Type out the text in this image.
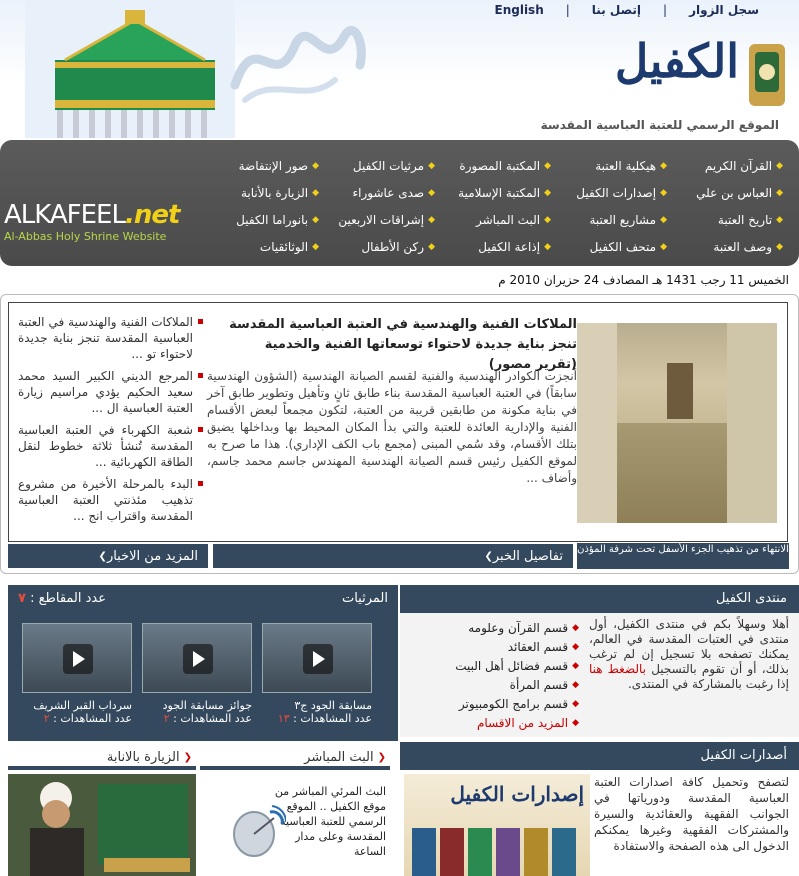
English | إتصل بنا | سجل الزوار
الكفيل
الموقع الرسمي للعتبة العباسية المقدسة
ALKAFEEL.net
Al-Abbas Holy Shrine Website
◆
القرآن الكريم
◆
هيكلية العتبة
◆
المكتبة المصورة
◆
مرثيات الكفيل
◆
صور الإنتفاضة
◆
العباس بن علي
◆
إصدارات الكفيل
◆
المكتبة الإسلامية
◆
صدى عاشوراء
◆
الزيارة بالأنابة
◆
تاريخ العتبة
◆
مشاريع العتبة
◆
البث المباشر
◆
إشراقات الاربعين
◆
بانوراما الكفيل
◆
وصف العتبة
◆
متحف الكفيل
◆
إذاعة الكفيل
◆
ركن الأطفال
◆
الوثائقيات
الخميس 11 رجب 1431 هـ المصادف 24 حزيران 2010 م
الملاكات الفنية والهندسية في العتبة العباسية المقدسة تنجز بناية جديدة لاحتواء توسعاتها الفنية والخدمية (تقرير مصور)
أنجزت الكوادر الهندسية والفنية لقسم الصيانة الهندسية (الشؤون الهندسية سابقاً) في العتبة العباسية المقدسة بناء طابق ثانٍ وتأهيل وتطوير طابق آخر في بناية مكونة من طابقين قريبة من العتبة، لتكون مجمعاً لبعض الأقسام الفنية والإدارية العائدة للعتبة والتي بدأ المكان المحيط بها وبداخلها يضيق بتلك الأقسام، وقد سُمي المبنى (مجمع باب الكف الإداري). هذا ما صرح به لموقع الكفيل رئيس قسم الصيانة الهندسية المهندس جاسم محمد جاسم، وأضاف ...
الملاكات الفنية والهندسية في العتبة العباسية المقدسة تنجز بناية جديدة لاحتواء تو ...
المرجع الديني الكبير السيد محمد سعيد الحكيم يؤدي مراسيم زيارة العتبة العباسية ال ...
شعبة الكهرباء في العتبة العباسية المقدسة تُنشأ ثلاثة خطوط لنقل الطاقة الكهربائية ...
البدء بالمرحلة الأخيرة من مشروع تذهيب مئذنتي العتبة العباسية المقدسة واقتراب انج ...
الانتهاء من تذهيب الجزء الأسفل تحت شرفة المؤذن
تفاصيل الخبر
❯
المزيد من الاخبار
❯
منتدى الكفيل
أهلا وسهلاً بكم في منتدى الكفيل، أول منتدى في العتبات المقدسة في العالم، يمكنك تصفحه بلا تسجيل إن لم ترغب بذلك، أو أن تقوم بالتسجيل بالضغط هنا إذا رغبت بالمشاركة في المنتدى.
◆
قسم القرآن وعلومه
◆
قسم العقائد
◆
قسم فضائل أهل البيت
◆
قسم المرأة
◆
قسم برامج الكومبيوتر
◆
المزيد من الاقسام
المرثيات
عدد المقاطع : ٧
مسابقة الجود ج٣
عدد المشاهدات : ١٣
جوائز مسابقة الجود
عدد المشاهدات : ٢
سرداب القبر الشريف
عدد المشاهدات : ٢
أصدارات الكفيل
لتصفح وتحميل كافة اصدارات العتبة العباسية المقدسة ودورياتها في الجوانب الفقهية والعقائدية والسيرة والمشتركات الفقهية وغيرها يمكنكم الدخول الى هذه الصفحة والاستفادة
إصدارات الكفيل
❮
البث المباشر
❮
الزيارة بالانابة
البث المرئي المباشر من موقع الكفيل .. الموقع الرسمي للعتبة العباسية المقدسة وعلى مدار الساعة
